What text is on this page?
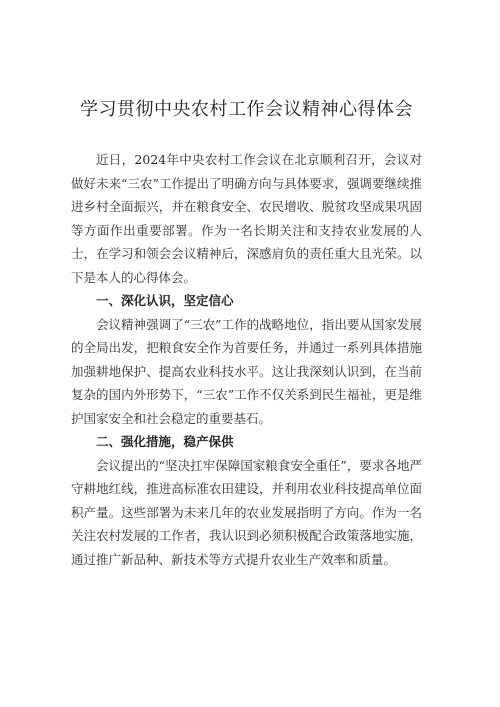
学习贯彻中央农村工作会议精神心得体会

近日，2024年中央农村工作会议在北京顺利召开，会议对做好未来“三农”工作提出了明确方向与具体要求，强调要继续推进乡村全面振兴，并在粮食安全、农民增收、脱贫攻坚成果巩固等方面作出重要部署。作为一名长期关注和支持农业发展的人士，在学习和领会会议精神后，深感肩负的责任重大且光荣。以下是本人的心得体会。

一、深化认识，坚定信心

会议精神强调了“三农”工作的战略地位，指出要从国家发展的全局出发，把粮食安全作为首要任务，并通过一系列具体措施加强耕地保护、提高农业科技水平。这让我深刻认识到，在当前复杂的国内外形势下，“三农”工作不仅关系到民生福祉，更是维护国家安全和社会稳定的重要基石。

二、强化措施，稳产保供

会议提出的“坚决扛牢保障国家粮食安全重任”，要求各地严守耕地红线，推进高标准农田建设，并利用农业科技提高单位面积产量。这些部署为未来几年的农业发展指明了方向。作为一名关注农村发展的工作者，我认识到必须积极配合政策落地实施，通过推广新品种、新技术等方式提升农业生产效率和质量。
